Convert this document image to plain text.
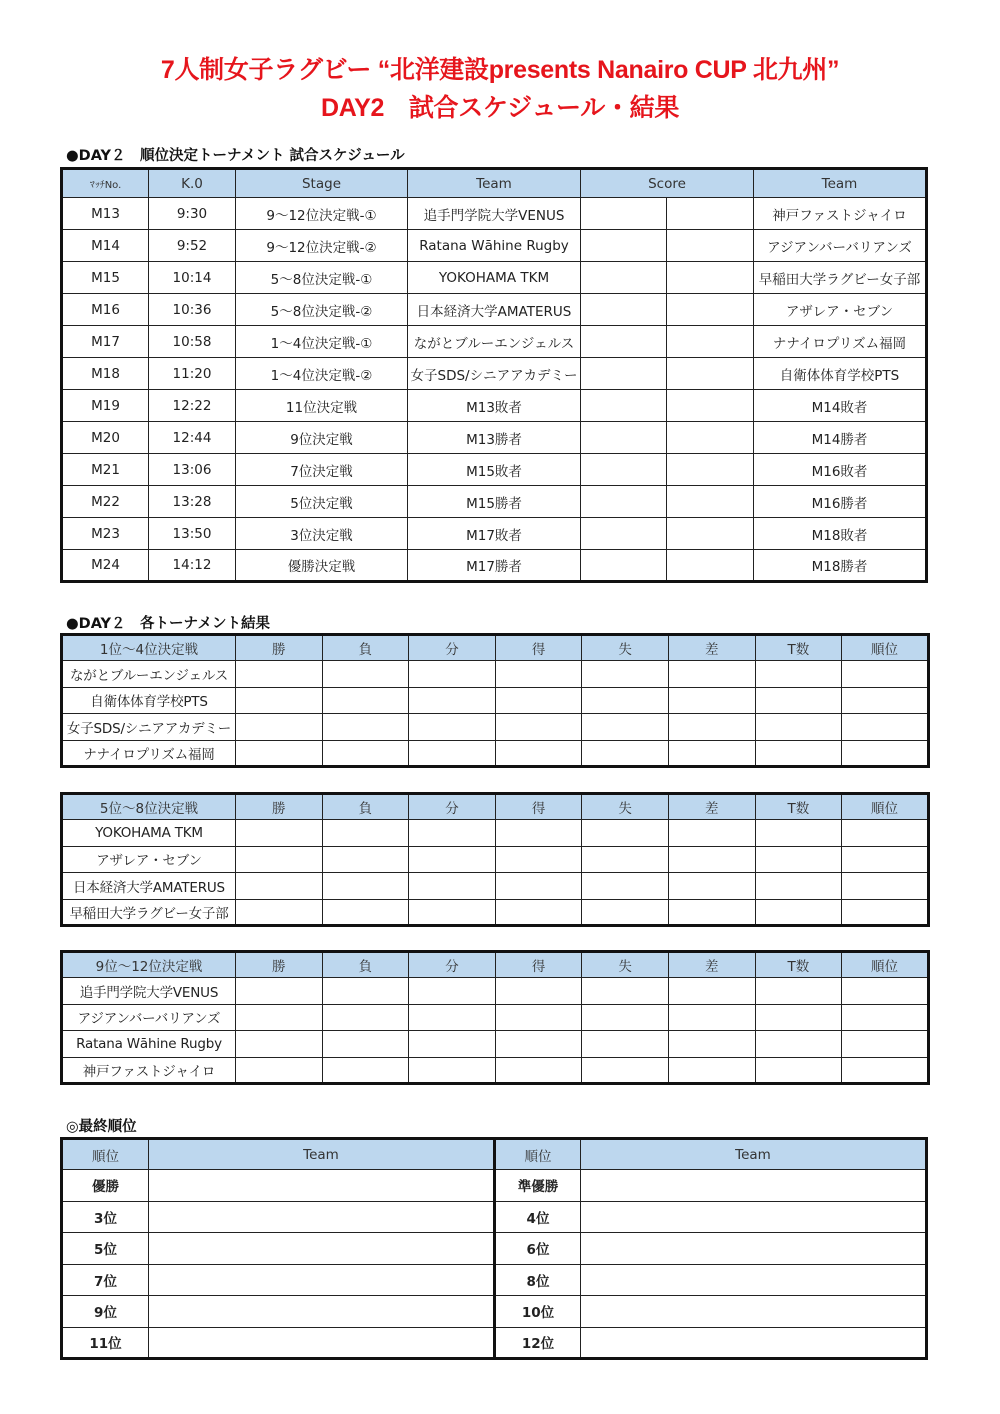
7人制女子ラグビー “北洋建設presents Nanairo CUP 北九州”
DAY2　試合スケジュール・結果
●DAY２　順位決定トーナメント 試合スケジュール
ﾏｯﾁNo.	K.0	Stage	Team	Score		Team
M13	9:30	9～12位決定戦-①	追手門学院大学VENUS			神戸ファストジャイロ
M14	9:52	9～12位決定戦-②	Ratana Wāhine Rugby			アジアンバーバリアンズ
M15	10:14	5～8位決定戦-①	YOKOHAMA TKM			早稲田大学ラグビー女子部
M16	10:36	5～8位決定戦-②	日本経済大学AMATERUS			アザレア・セブン
M17	10:58	1～4位決定戦-①	ながとブルーエンジェルス			ナナイロプリズム福岡
M18	11:20	1～4位決定戦-②	女子SDS/シニアアカデミー			自衛体体育学校PTS
M19	12:22	11位決定戦	M13敗者			M14敗者
M20	12:44	9位決定戦	M13勝者			M14勝者
M21	13:06	7位決定戦	M15敗者			M16敗者
M22	13:28	5位決定戦	M15勝者			M16勝者
M23	13:50	3位決定戦	M17敗者			M18敗者
M24	14:12	優勝決定戦	M17勝者			M18勝者
●DAY２　各トーナメント結果
1位～4位決定戦	勝	負	分	得	失	差	T数	順位
ながとブルーエンジェルス								
自衛体体育学校PTS								
女子SDS/シニアアカデミー								
ナナイロプリズム福岡								
5位～8位決定戦	勝	負	分	得	失	差	T数	順位
YOKOHAMA TKM								
アザレア・セブン								
日本経済大学AMATERUS								
早稲田大学ラグビー女子部								
9位～12位決定戦	勝	負	分	得	失	差	T数	順位
追手門学院大学VENUS								
アジアンバーバリアンズ								
Ratana Wāhine Rugby								
神戸ファストジャイロ								
◎最終順位
順位	Team	順位	Team
優勝		準優勝	
3位		4位	
5位		6位	
7位		8位	
9位		10位	
11位		12位	
